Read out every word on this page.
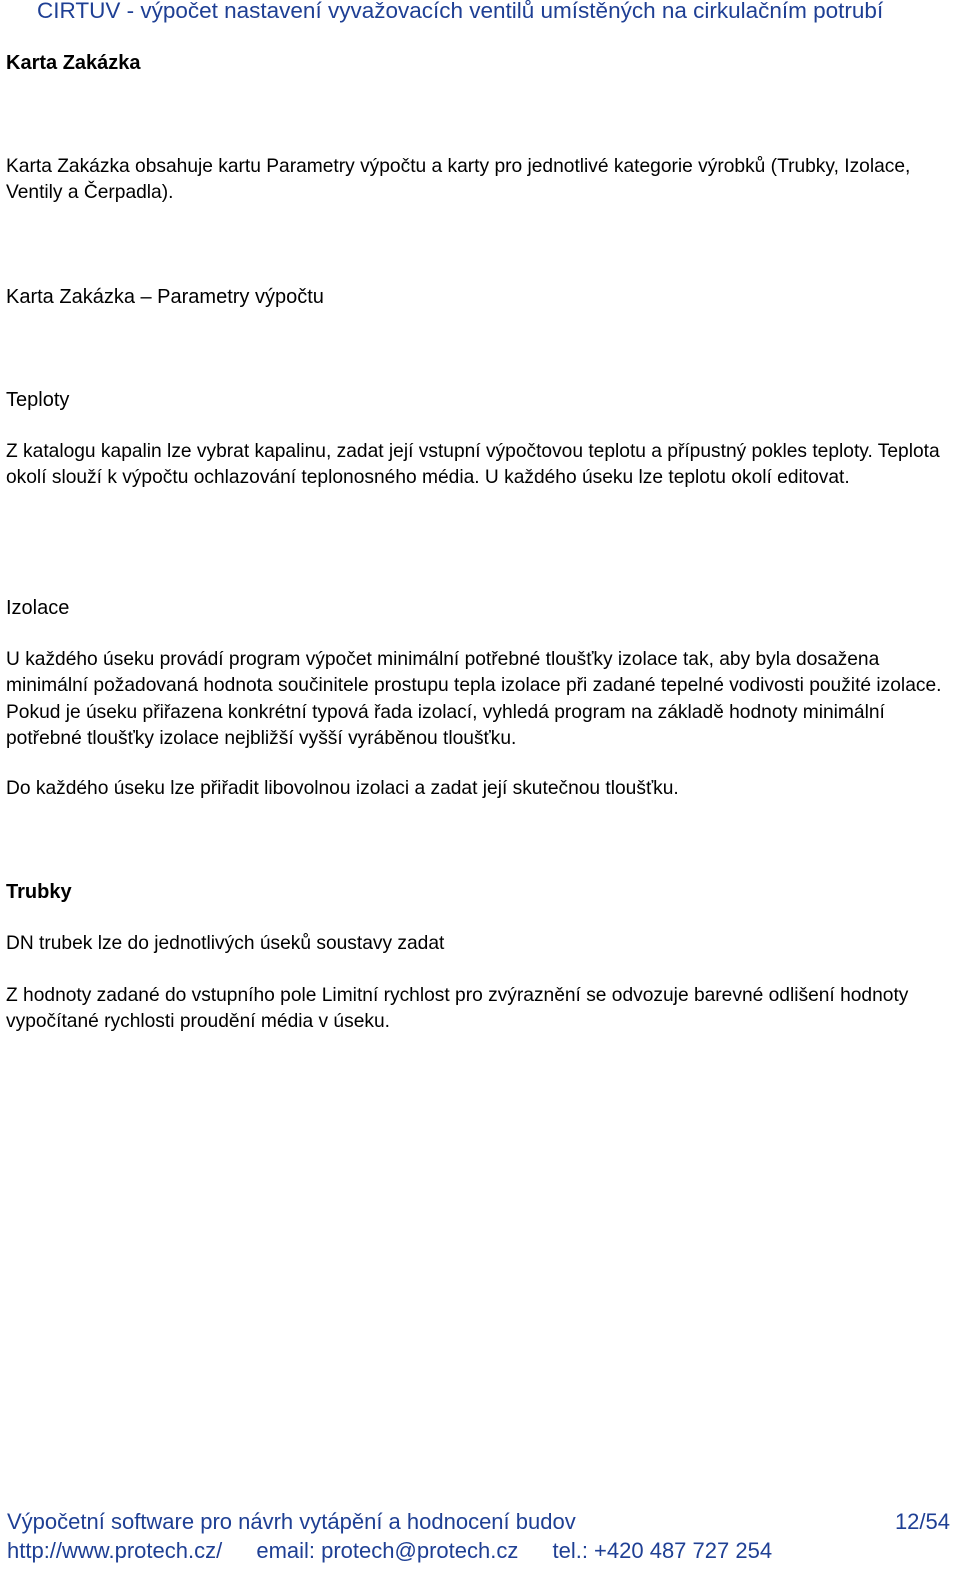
CIRTUV - výpočet nastavení vyvažovacích ventilů umístěných na cirkulačním potrubí
Karta Zakázka
Karta Zakázka obsahuje kartu Parametry výpočtu a karty pro jednotlivé kategorie výrobků (Trubky, Izolace, Ventily a Čerpadla).
Karta Zakázka – Parametry výpočtu
Teploty
Z katalogu kapalin lze vybrat kapalinu, zadat její vstupní výpočtovou teplotu a přípustný pokles teploty. Teplota okolí slouží k výpočtu ochlazování teplonosného média. U každého úseku lze teplotu okolí editovat.
Izolace
U každého úseku provádí program výpočet minimální potřebné tloušťky izolace tak, aby byla dosažena minimální požadovaná hodnota součinitele prostupu tepla izolace při zadané tepelné vodivosti použité izolace. Pokud je úseku přiřazena konkrétní typová řada izolací, vyhledá program na základě hodnoty minimální potřebné tloušťky izolace nejbližší vyšší vyráběnou tloušťku.
Do každého úseku lze přiřadit libovolnou izolaci a zadat její skutečnou tloušťku.
Trubky
DN trubek lze do jednotlivých úseků soustavy zadat
Z hodnoty zadané do vstupního pole Limitní rychlost pro zvýraznění se odvozuje barevné odlišení hodnoty vypočítané rychlosti proudění média v úseku.
Výpočetní software pro návrh vytápění a hodnocení budov
http://www.protech.cz/ email: protech@protech.cz tel.: +420 487 727 254
12/54
